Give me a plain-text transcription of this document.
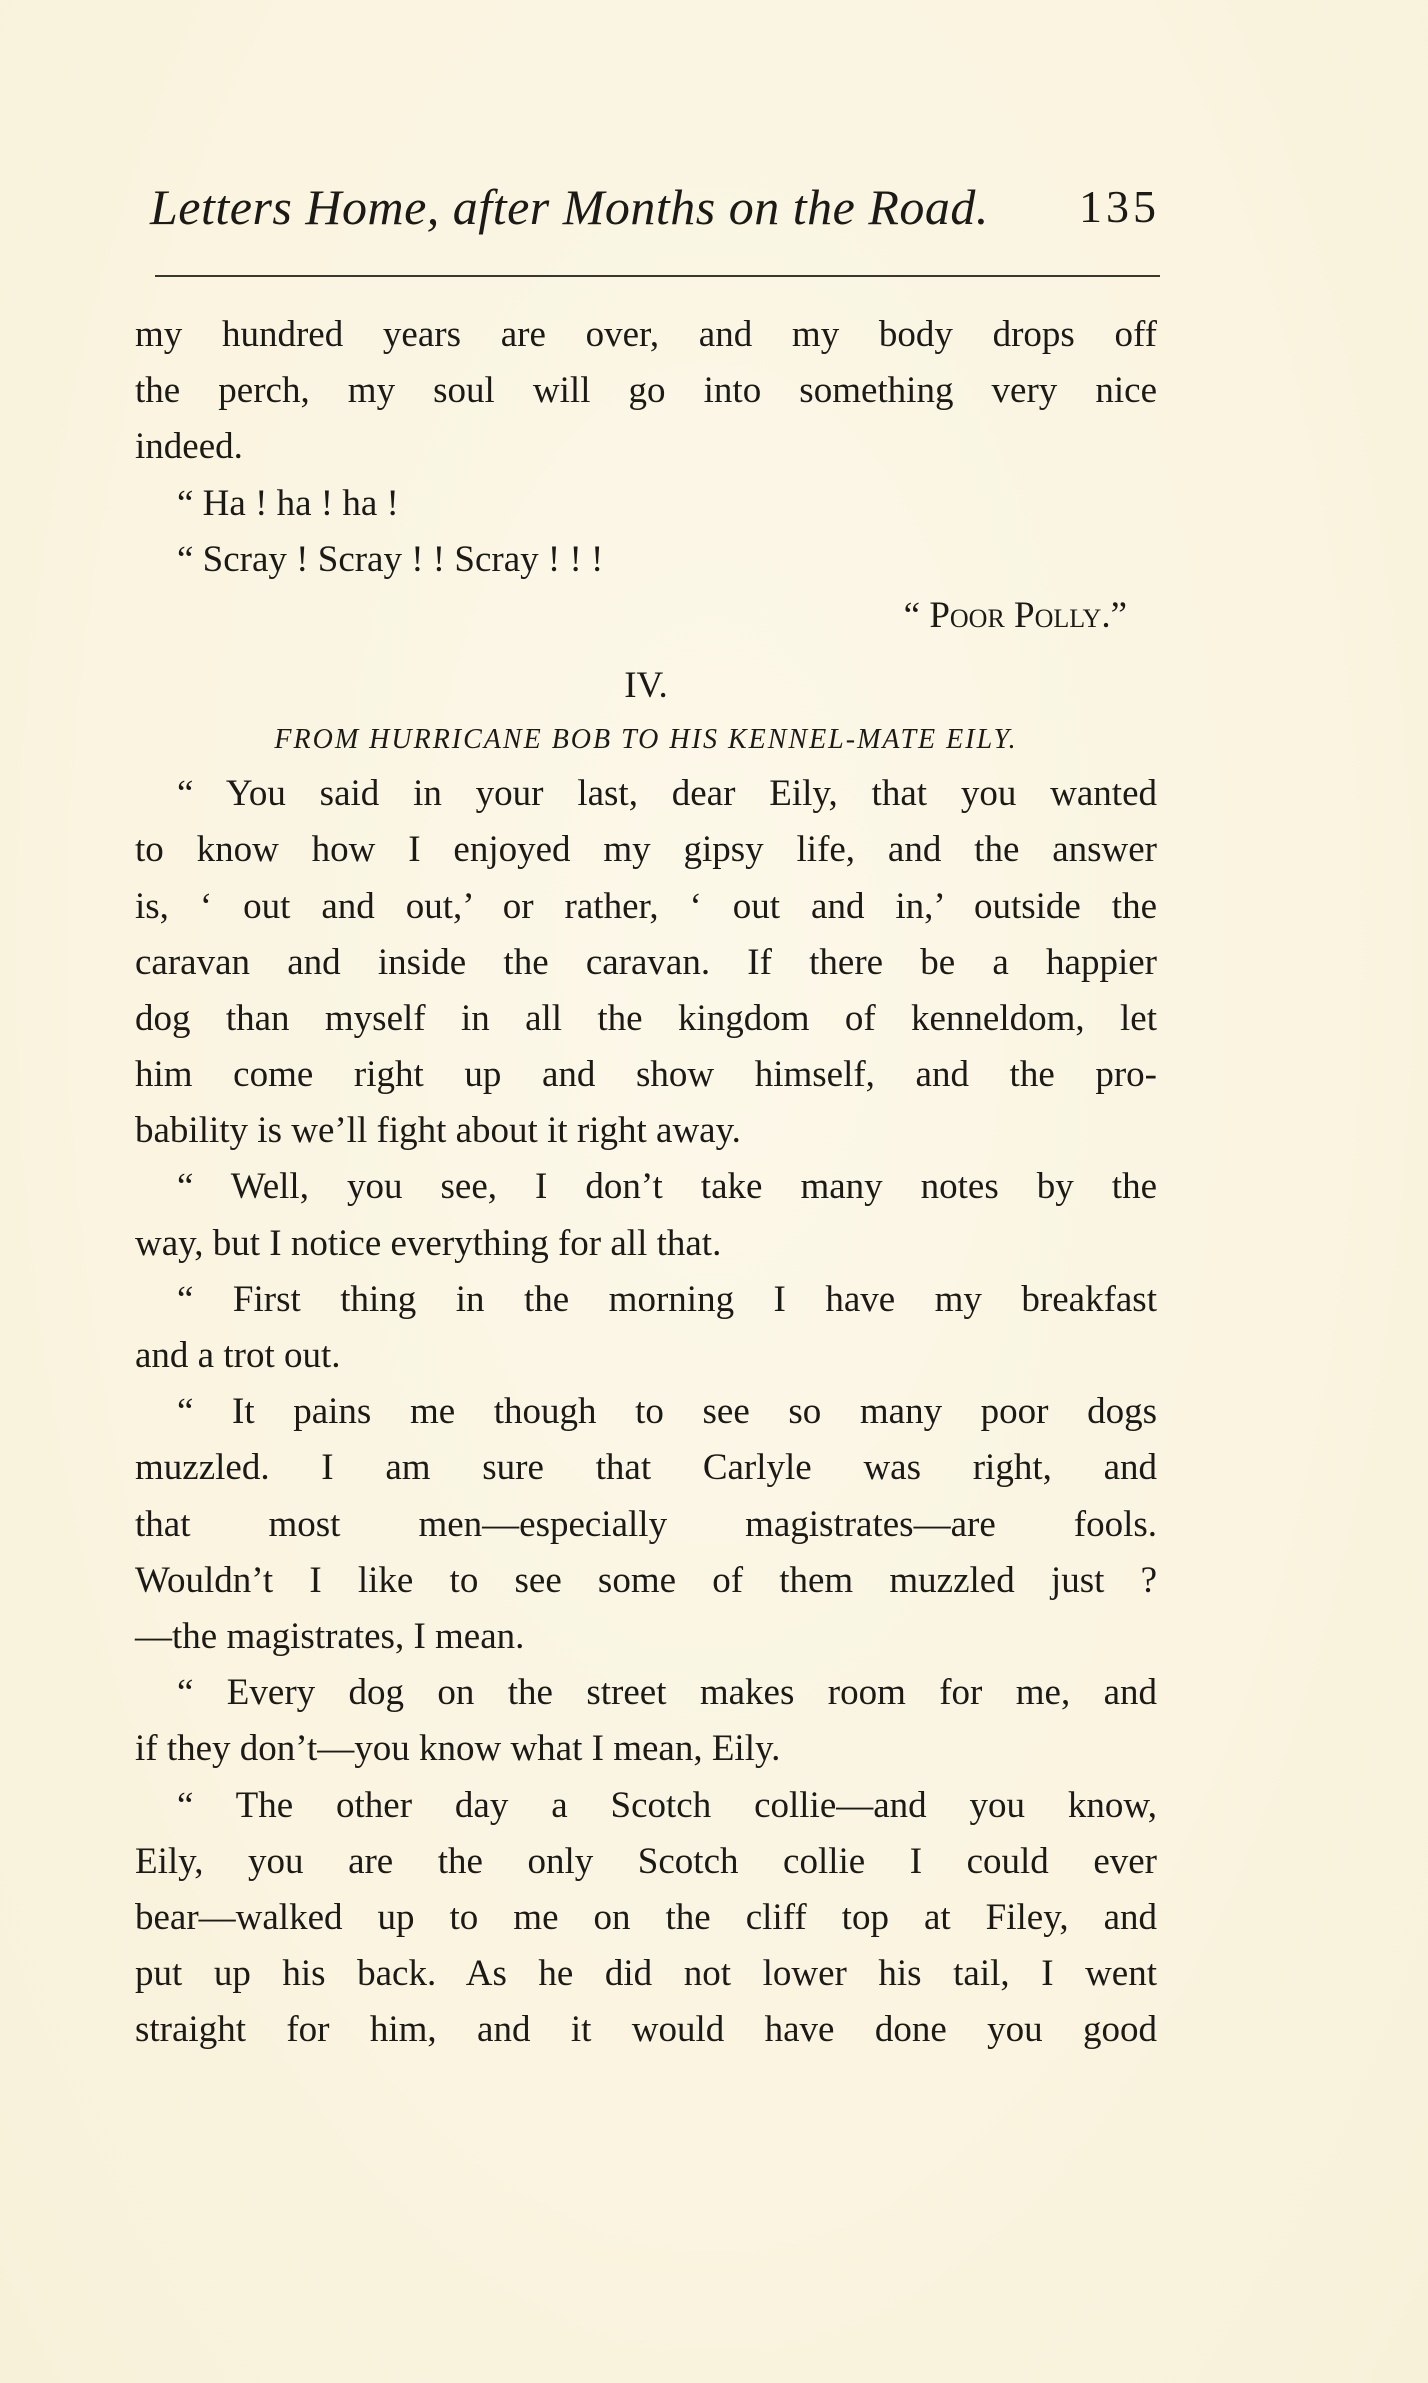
Letters Home, after Months on the Road. 135
my hundred years are over, and my body drops off
the perch, my soul will go into something very nice
indeed.
“ Ha ! ha ! ha !
“ Scray ! Scray ! ! Scray ! ! !
“ Poor Polly.”
IV.
FROM HURRICANE BOB TO HIS KENNEL-MATE EILY.
“ You said in your last, dear Eily, that you wanted
to know how I enjoyed my gipsy life, and the answer
is, ‘ out and out,’ or rather, ‘ out and in,’ outside the
caravan and inside the caravan. If there be a happier
dog than myself in all the kingdom of kenneldom, let
him come right up and show himself, and the pro-
bability is we’ll fight about it right away.
“ Well, you see, I don’t take many notes by the
way, but I notice everything for all that.
“ First thing in the morning I have my breakfast
and a trot out.
“ It pains me though to see so many poor dogs
muzzled. I am sure that Carlyle was right, and
that most men—especially magistrates—are fools.
Wouldn’t I like to see some of them muzzled just ?
—the magistrates, I mean.
“ Every dog on the street makes room for me, and
if they don’t—you know what I mean, Eily.
“ The other day a Scotch collie—and you know,
Eily, you are the only Scotch collie I could ever
bear—walked up to me on the cliff top at Filey, and
put up his back. As he did not lower his tail, I went
straight for him, and it would have done you good
